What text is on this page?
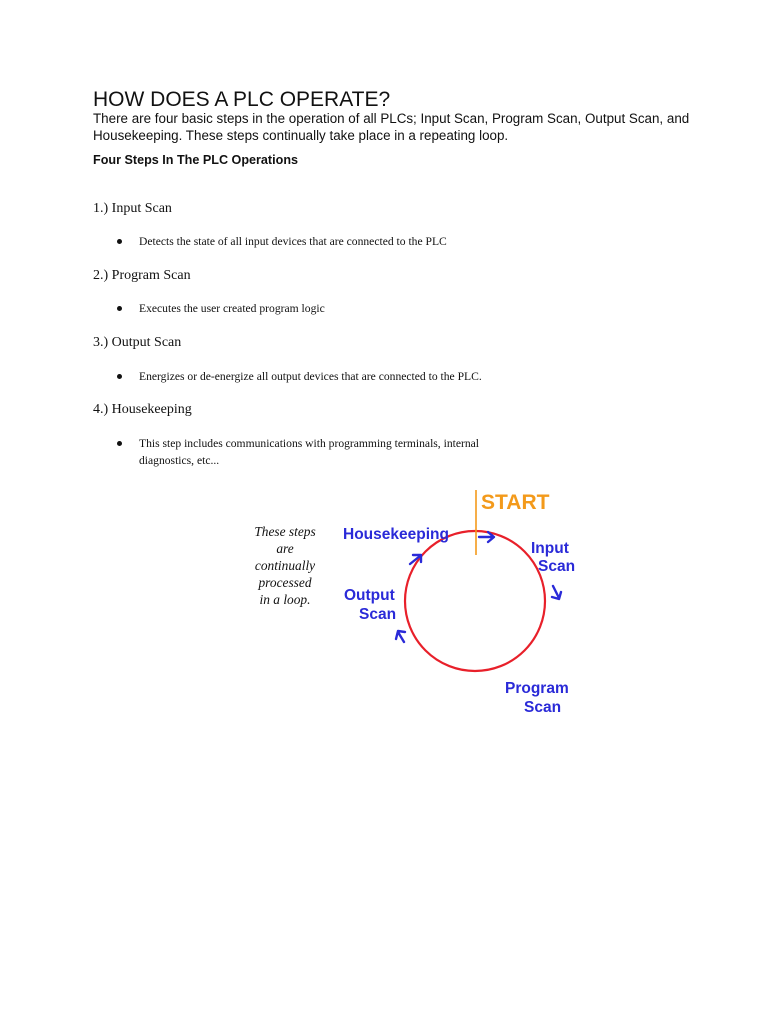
HOW DOES A PLC OPERATE?

There are four basic steps in the operation of all PLCs; Input Scan, Program Scan, Output Scan, and Housekeeping. These steps continually take place in a repeating loop.

Four Steps In The PLC Operations
1.) Input Scan
Detects the state of all input devices that are connected to the PLC
2.) Program Scan
Executes the user created program logic
3.) Output Scan
Energizes or de-energize all output devices that are connected to the PLC.
4.) Housekeeping
This step includes communications with programming terminals, internal diagnostics, etc...
START
These steps
are
continually
processed
in a loop.
Housekeeping
Input
Scan
Output
Scan
Program
Scan
